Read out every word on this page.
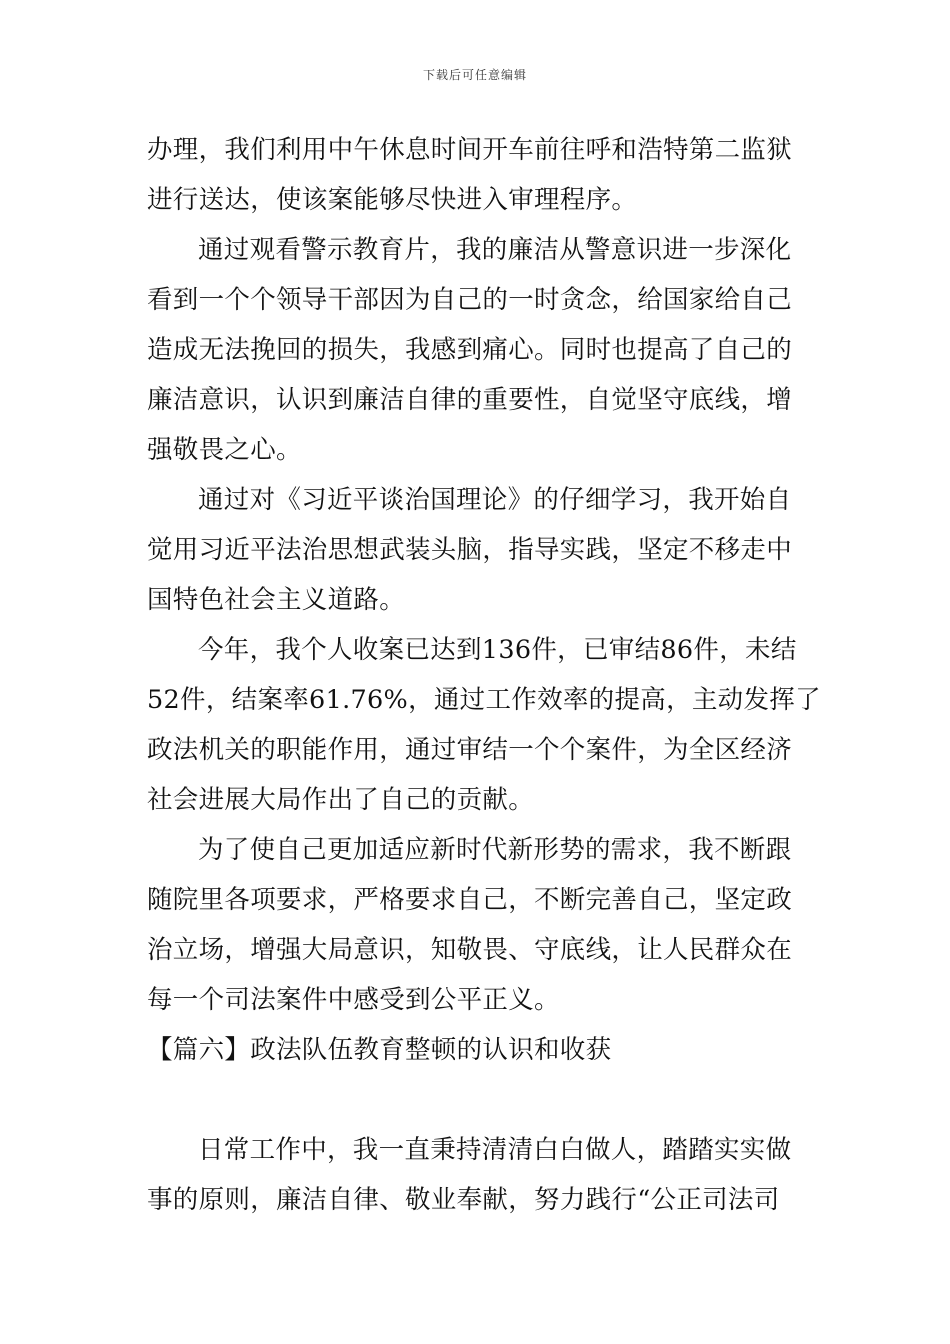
下载后可任意编辑
办理，我们利用中午休息时间开车前往呼和浩特第二监狱
进行送达，使该案能够尽快进入审理程序。
通过观看警示教育片，我的廉洁从警意识进一步深化
看到一个个领导干部因为自己的一时贪念，给国家给自己
造成无法挽回的损失，我感到痛心。同时也提高了自己的
廉洁意识，认识到廉洁自律的重要性，自觉坚守底线，增
强敬畏之心。
通过对《习近平谈治国理论》的仔细学习，我开始自
觉用习近平法治思想武装头脑，指导实践，坚定不移走中
国特色社会主义道路。
今年，我个人收案已达到136件，已审结86件，未结
52件，结案率61.76%，通过工作效率的提高，主动发挥了
政法机关的职能作用，通过审结一个个案件，为全区经济
社会进展大局作出了自己的贡献。
为了使自己更加适应新时代新形势的需求，我不断跟
随院里各项要求，严格要求自己，不断完善自己，坚定政
治立场，增强大局意识，知敬畏、守底线，让人民群众在
每一个司法案件中感受到公平正义。
【篇六】政法队伍教育整顿的认识和收获
日常工作中，我一直秉持清清白白做人，踏踏实实做
事的原则，廉洁自律、敬业奉献，努力践行“公正司法司
